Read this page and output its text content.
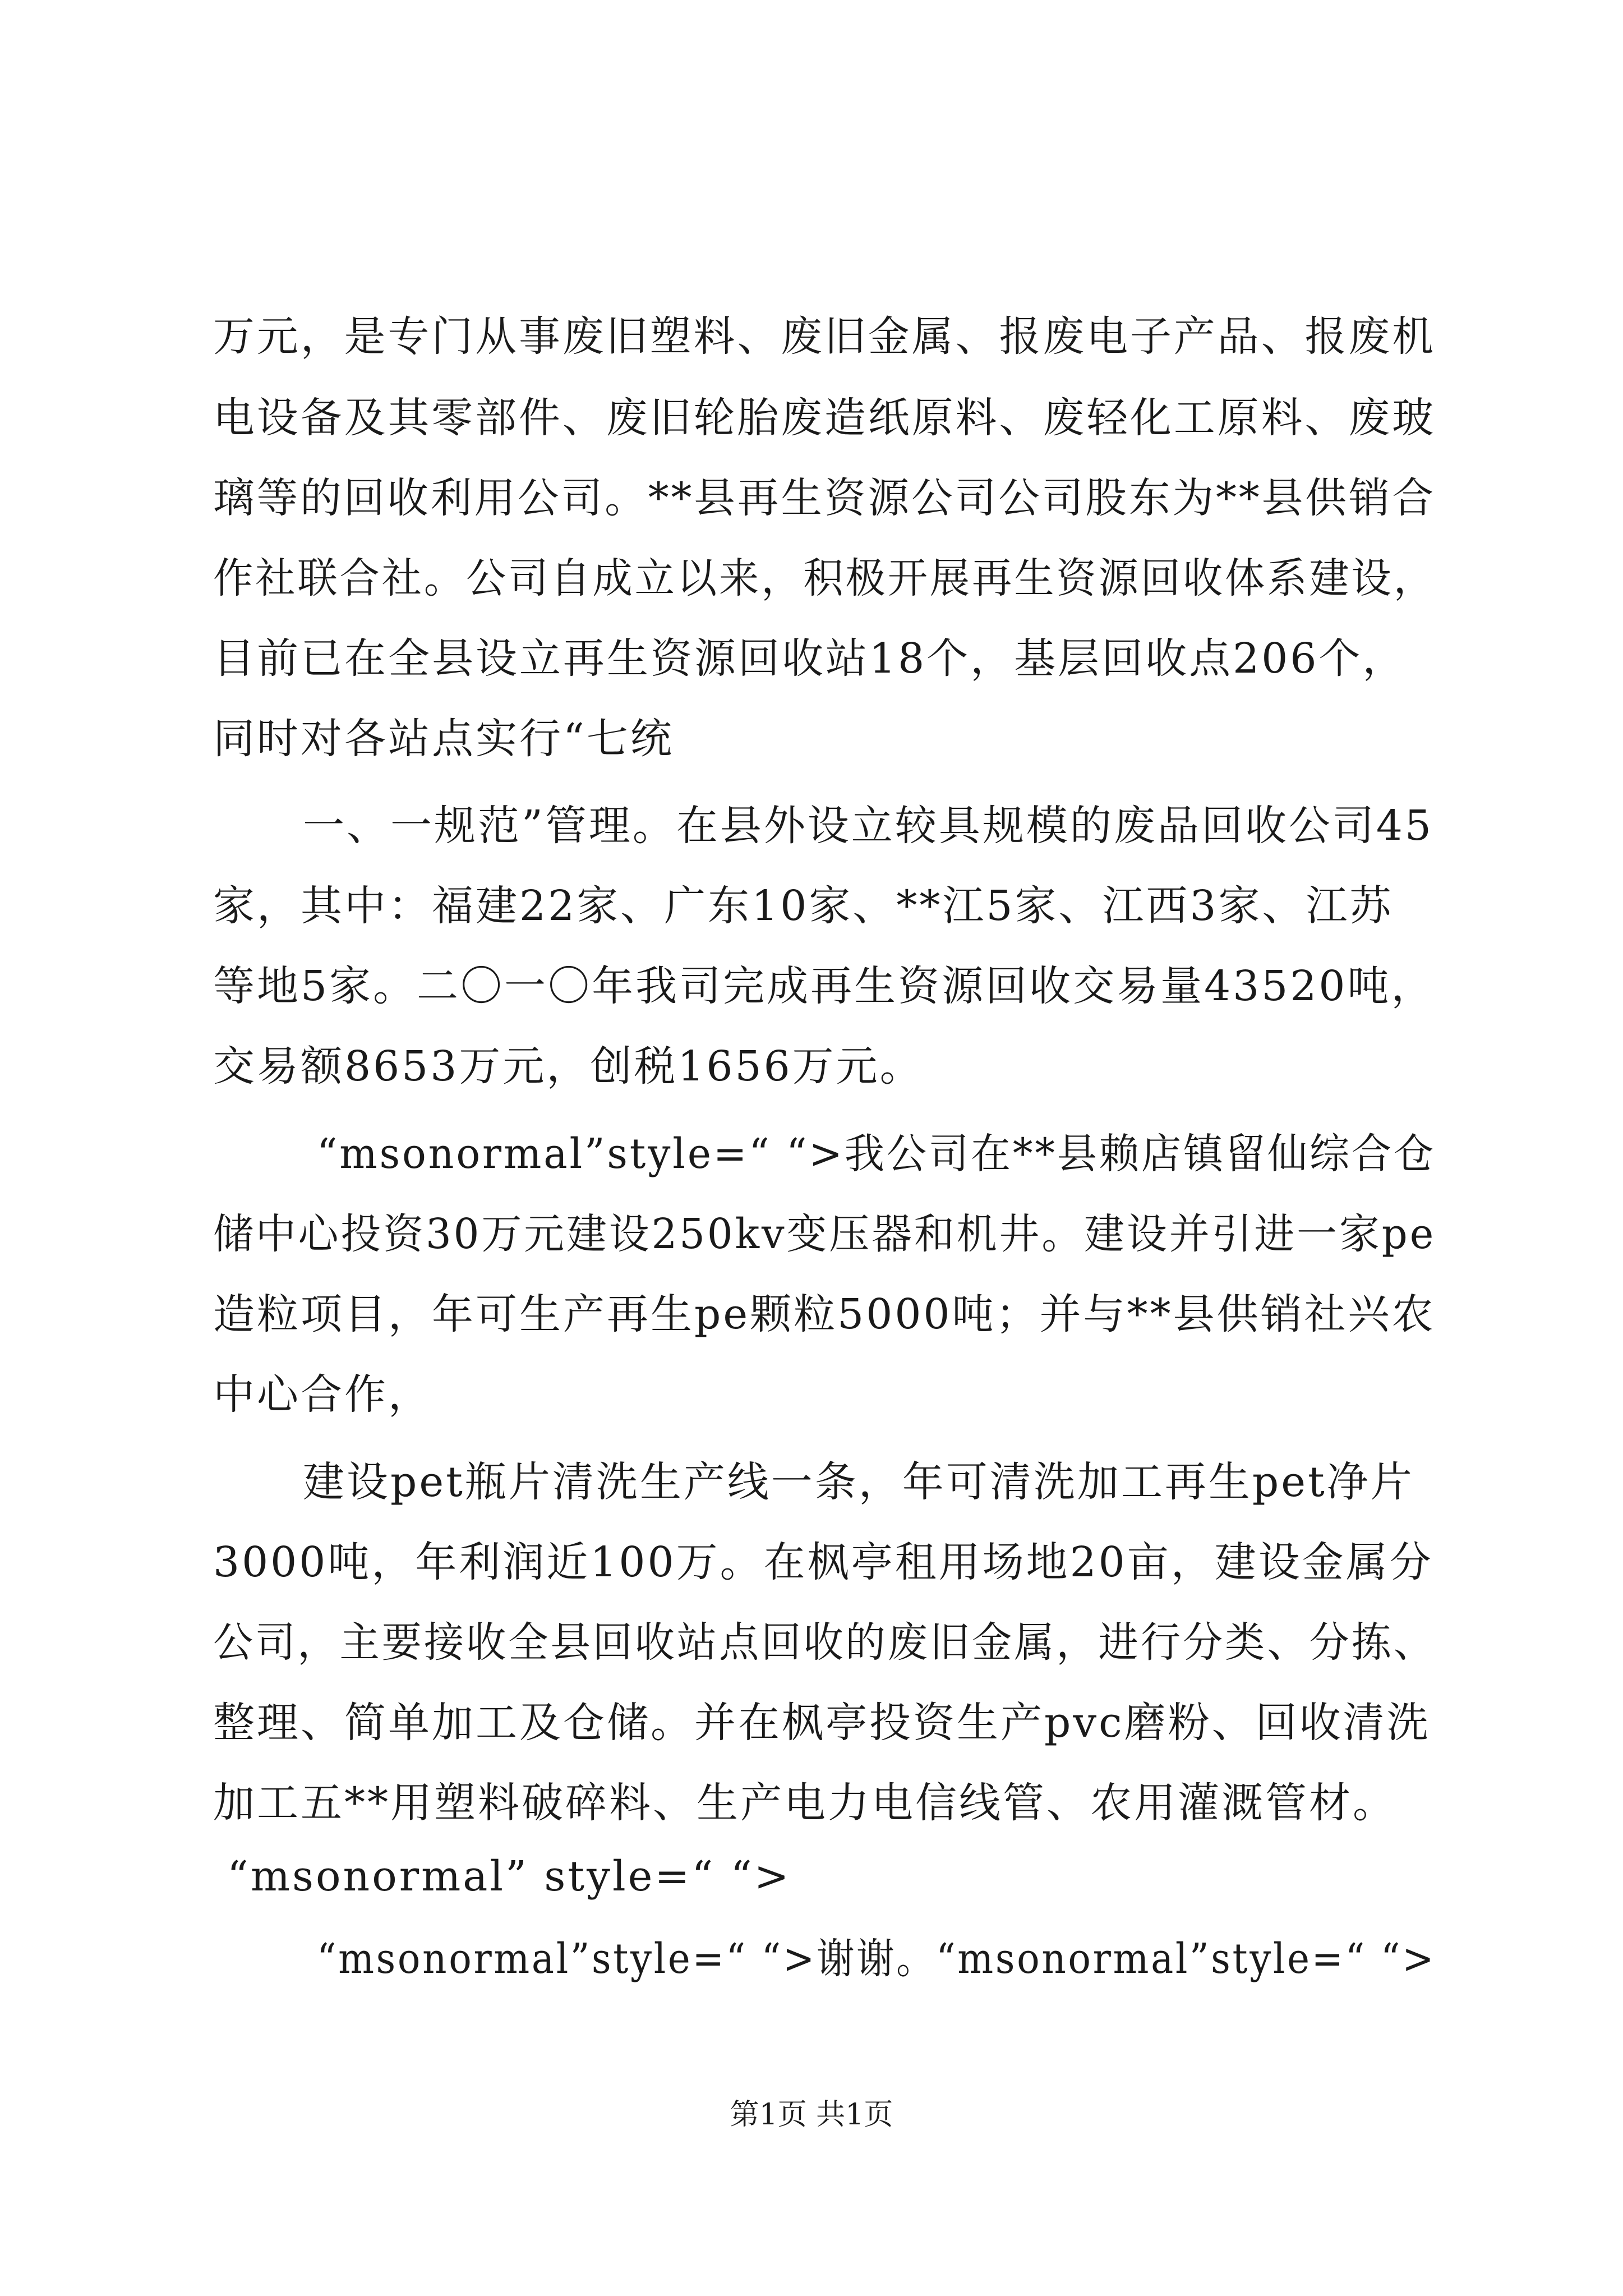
万元，是专门从事废旧塑料、废旧金属、报废电子产品、报废机
电设备及其零部件、废旧轮胎废造纸原料、废轻化工原料、废玻
璃等的回收利用公司。**县再生资源公司公司股东为**县供销合
作社联合社。公司自成立以来，积极开展再生资源回收体系建设，
目前已在全县设立再生资源回收站18个，基层回收点206个，
同时对各站点实行“七统
一、一规范”管理。在县外设立较具规模的废品回收公司45
家，其中：福建22家、广东10家、**江5家、江西3家、江苏
等地5家。二〇一〇年我司完成再生资源回收交易量43520吨，
交易额8653万元，创税1656万元。
“msonormal”style=“ “>我公司在**县赖店镇留仙综合仓
储中心投资30万元建设250kv变压器和机井。建设并引进一家pe
造粒项目，年可生产再生pe颗粒5000吨；并与**县供销社兴农
中心合作，
建设pet瓶片清洗生产线一条，年可清洗加工再生pet净片
3000吨，年利润近100万。在枫亭租用场地20亩，建设金属分
公司，主要接收全县回收站点回收的废旧金属，进行分类、分拣、
整理、简单加工及仓储。并在枫亭投资生产pvc磨粉、回收清洗
加工五**用塑料破碎料、生产电力电信线管、农用灌溉管材。
“msonormal” style=“ “>
“msonormal”style=“ “>谢谢。“msonormal”style=“ “>
第1页 共1页
